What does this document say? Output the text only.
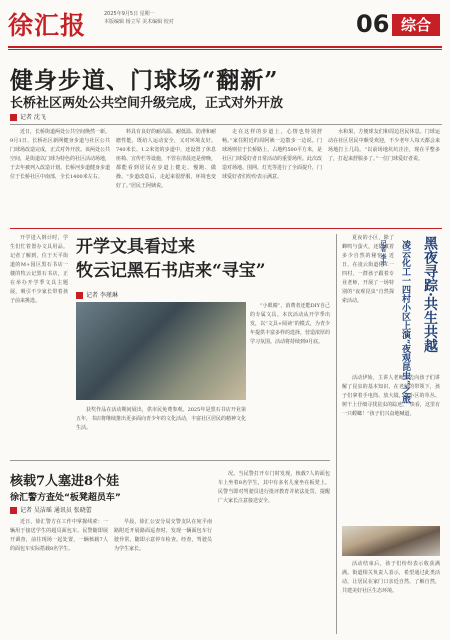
徐汇报	2025年9月5日 星期一
本版编辑 杨立军 美术编辑 校对	06 综合
健身步道、门球场“翻新”
长桥社区两处公共空间升级完成，正式对外开放
记者 沈飞

近日，长桥街道两处公共空间焕然一新。9月1日，长桥社区新网健身步道与社区公共门球场改造完成，正式对外开放。该两处公共空间，是街道以门球为特色的社区活动场地，于去年被列入改造计划。长桥河步道健身步道位于长桥社区中南部，全长1400米左右。

料具有良好的耐高温、耐低温、防滑和耐磨性能，既给人运动安全，又对环境友好。740米长、1.2米宽的步道中，还设置了休息座椅、宣传栏等设施，不管在清晨还是傍晚，都能看到居民在步道上健走、慢跑、做操。“步道改造后，走起来很舒服，环境也变好了。”居民王阿姨说。

走在这样的步道上，心情也特别舒畅。”家住附近的周阿姨一边散步一边说。门球场则位于长桥路上，占地约500平方米，是社区门球爱好者日常活动的重要场所。此次改造对场地、围网、灯光等进行了全面提升，门球爱好者们纷纷表示满意。

水和果，方便球友们和周边居民休息。门球运动在社区居民中颇受欢迎，不少老年人每天都会来场地打上几局。“以前场地坑坑洼洼，现在平整多了，打起来舒服多了。”一位门球爱好者说。

开学进入倒计时，学生们忙着置办文具用品。记者了解到，位于天平街道的M+园区黑石书店一楼的牧云记黑石书店，正在举办开学季文具主题展，吸引不少家长带着孩子前来挑选。

开学文具看过来
牧云记黑石书店来“寻宝”
记者 李瑾琳

“小眼睛”，消费者还能DIY自己的专属文具。本次活动从开学季出发，以“文具+阅读”的模式，为青少年提供丰富多样的选择，营造浓厚的学习氛围。活动将持续到9月底。

获奖作品在活动期间展出，供市民免费参观。2025年是黑石书店开业第五年，书店将继续推出更多面向青少年的文化活动，丰富社区居民的精神文化生活。

夏夜的小区，除了蝉鸣与萤火，还隐藏着多少自然的秘密？近日，在凌云街道化工一四村，一群孩子跟着专业老师，开展了一场特别的“夜观昆虫”自然探索活动。	黑夜寻踪·共生共越
凌云化工一四村小区上演“夜观昆虫”之旅
记者 李丰

活动伊始，主讲人老师首先向孩子们讲解了昆虫的基本知识，在老师的带领下，孩子们拿着手电筒、放大镜，在小区的草丛、树干上仔细寻找昆虫的踪迹。“快看，这里有一只螳螂！”孩子们兴奋地喊道。

活动结束后，孩子们纷纷表示收获满满。街道相关负责人表示，希望通过此类活动，让居民在家门口亲近自然、了解自然，共建美好社区生态环境。

核载7人塞进8个娃
徐汇警方查处“板凳超员车”
记者 吴洁瑶 通讯员 张晓蕾

近日，徐汇警方在工作中掌握线索：一辆用于接送学生的超员面包车。民警随即展开调查，前往现场一起处置，一辆核载7人的面包车实际搭载8名学生。

早晨，徐汇公安分局交警支队在宛平南路附近开展路面巡查时，发现一辆面包车行驶异常，随即示意停车检查。经查，驾驶员为学生家长。

况。当民警打开车门时发现，核载7人的面包车上坐着8名学生，其中有多名儿童坐在板凳上。民警当即对驾驶员进行批评教育并依法处罚，提醒广大家长注意接送安全。
